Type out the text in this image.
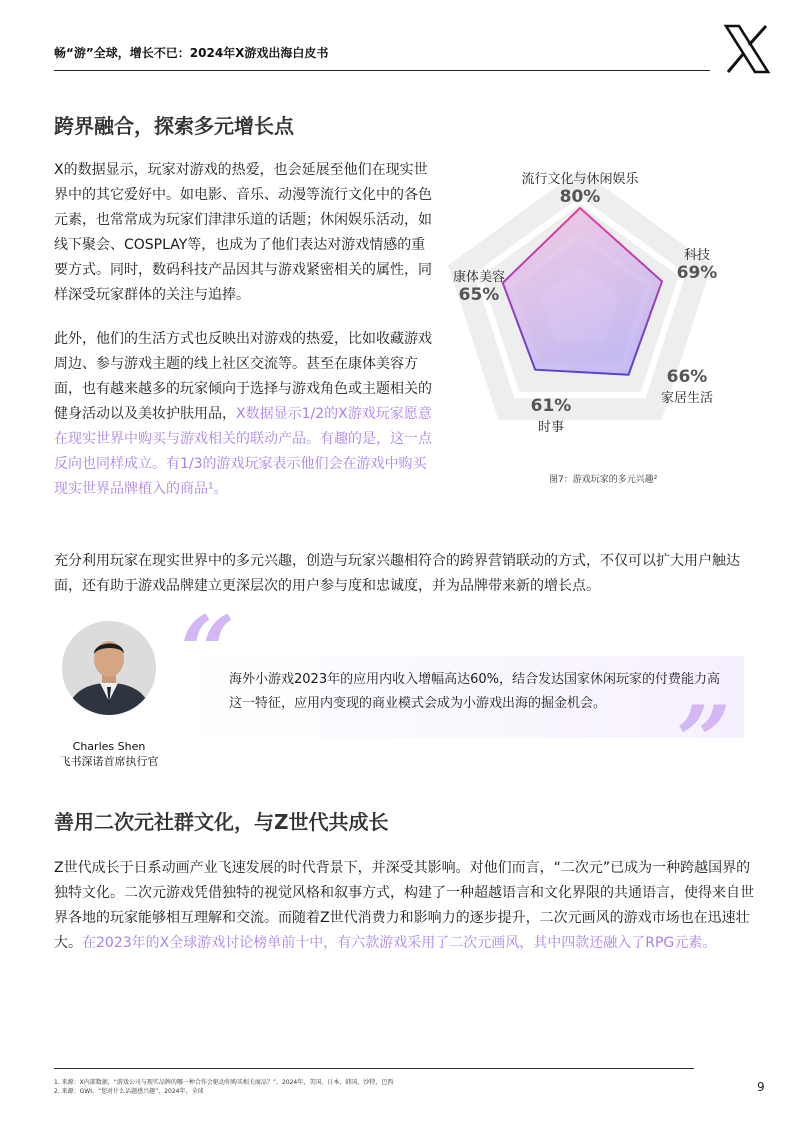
畅“游”全球，增长不已：2024年X游戏出海白皮书
跨界融合，探索多元增长点

X的数据显示，玩家对游戏的热爱，也会延展至他们在现实世界中的其它爱好中。如电影、音乐、动漫等流行文化中的各色元素，也常常成为玩家们津津乐道的话题；休闲娱乐活动，如线下聚会、COSPLAY等，也成为了他们表达对游戏情感的重要方式。同时，数码科技产品因其与游戏紧密相关的属性，同样深受玩家群体的关注与追捧。

此外，他们的生活方式也反映出对游戏的热爱，比如收藏游戏周边、参与游戏主题的线上社区交流等。甚至在康体美容方面，也有越来越多的玩家倾向于选择与游戏角色或主题相关的健身活动以及美妆护肤用品，X数据显示1/2的X游戏玩家愿意在现实世界中购买与游戏相关的联动产品。有趣的是，这一点反向也同样成立。有1/3的游戏玩家表示他们会在游戏中购买现实世界品牌植入的商品¹。

流行文化与休闲娱乐
80%
科技
69%
66%
家居生活
61%
时事
康体美容
65%
图7：游戏玩家的多元兴趣²

充分利用玩家在现实世界中的多元兴趣，创造与玩家兴趣相符合的跨界营销联动的方式，不仅可以扩大用户触达面，还有助于游戏品牌建立更深层次的用户参与度和忠诚度，并为品牌带来新的增长点。

“
”
海外小游戏2023年的应用内收入增幅高达60%，结合发达国家休闲玩家的付费能力高这一特征，应用内变现的商业模式会成为小游戏出海的掘金机会。
Charles Shen
飞书深诺首席执行官
善用二次元社群文化，与Z世代共成长

Z世代成长于日系动画产业飞速发展的时代背景下，并深受其影响。对他们而言，“二次元”已成为一种跨越国界的独特文化。二次元游戏凭借独特的视觉风格和叙事方式，构建了一种超越语言和文化界限的共通语言，使得来自世界各地的玩家能够相互理解和交流。而随着Z世代消费力和影响力的逐步提升，二次元画风的游戏市场也在迅速壮大。在2023年的X全球游戏讨论榜单前十中，有六款游戏采用了二次元画风，其中四款还融入了RPG元素。

1. 来源：X内部数据，“游戏公司与现实品牌的哪一种合作会驱动你购买相关商品？”，2024年，美国，日本，韩国，沙特，巴西
2. 来源：GWI，“您对什么话题感兴趣”，2024年，全球	9
